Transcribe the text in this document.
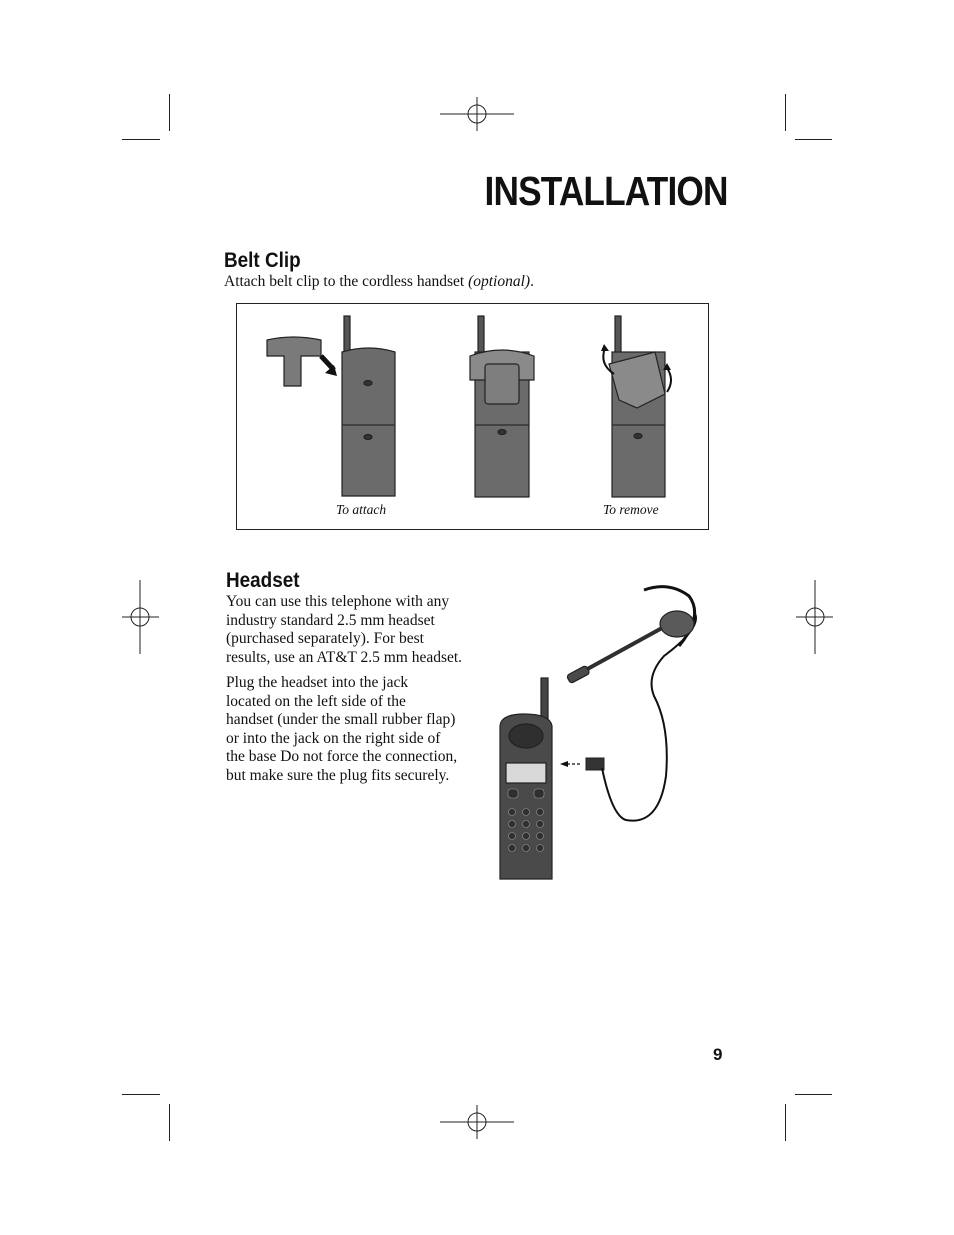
INSTALLATION
Belt Clip

Attach belt clip to the cordless handset (optional).

To attach	To remove
Headset
You can use this telephone with any
industry standard 2.5 mm headset
(purchased separately). For best
results, use an AT&T 2.5 mm headset.
Plug the headset into the jack
located on the left side of the
handset (under the small rubber flap)
or into the jack on the right side of
the base Do not force the connection,
but make sure the plug fits securely.
9
